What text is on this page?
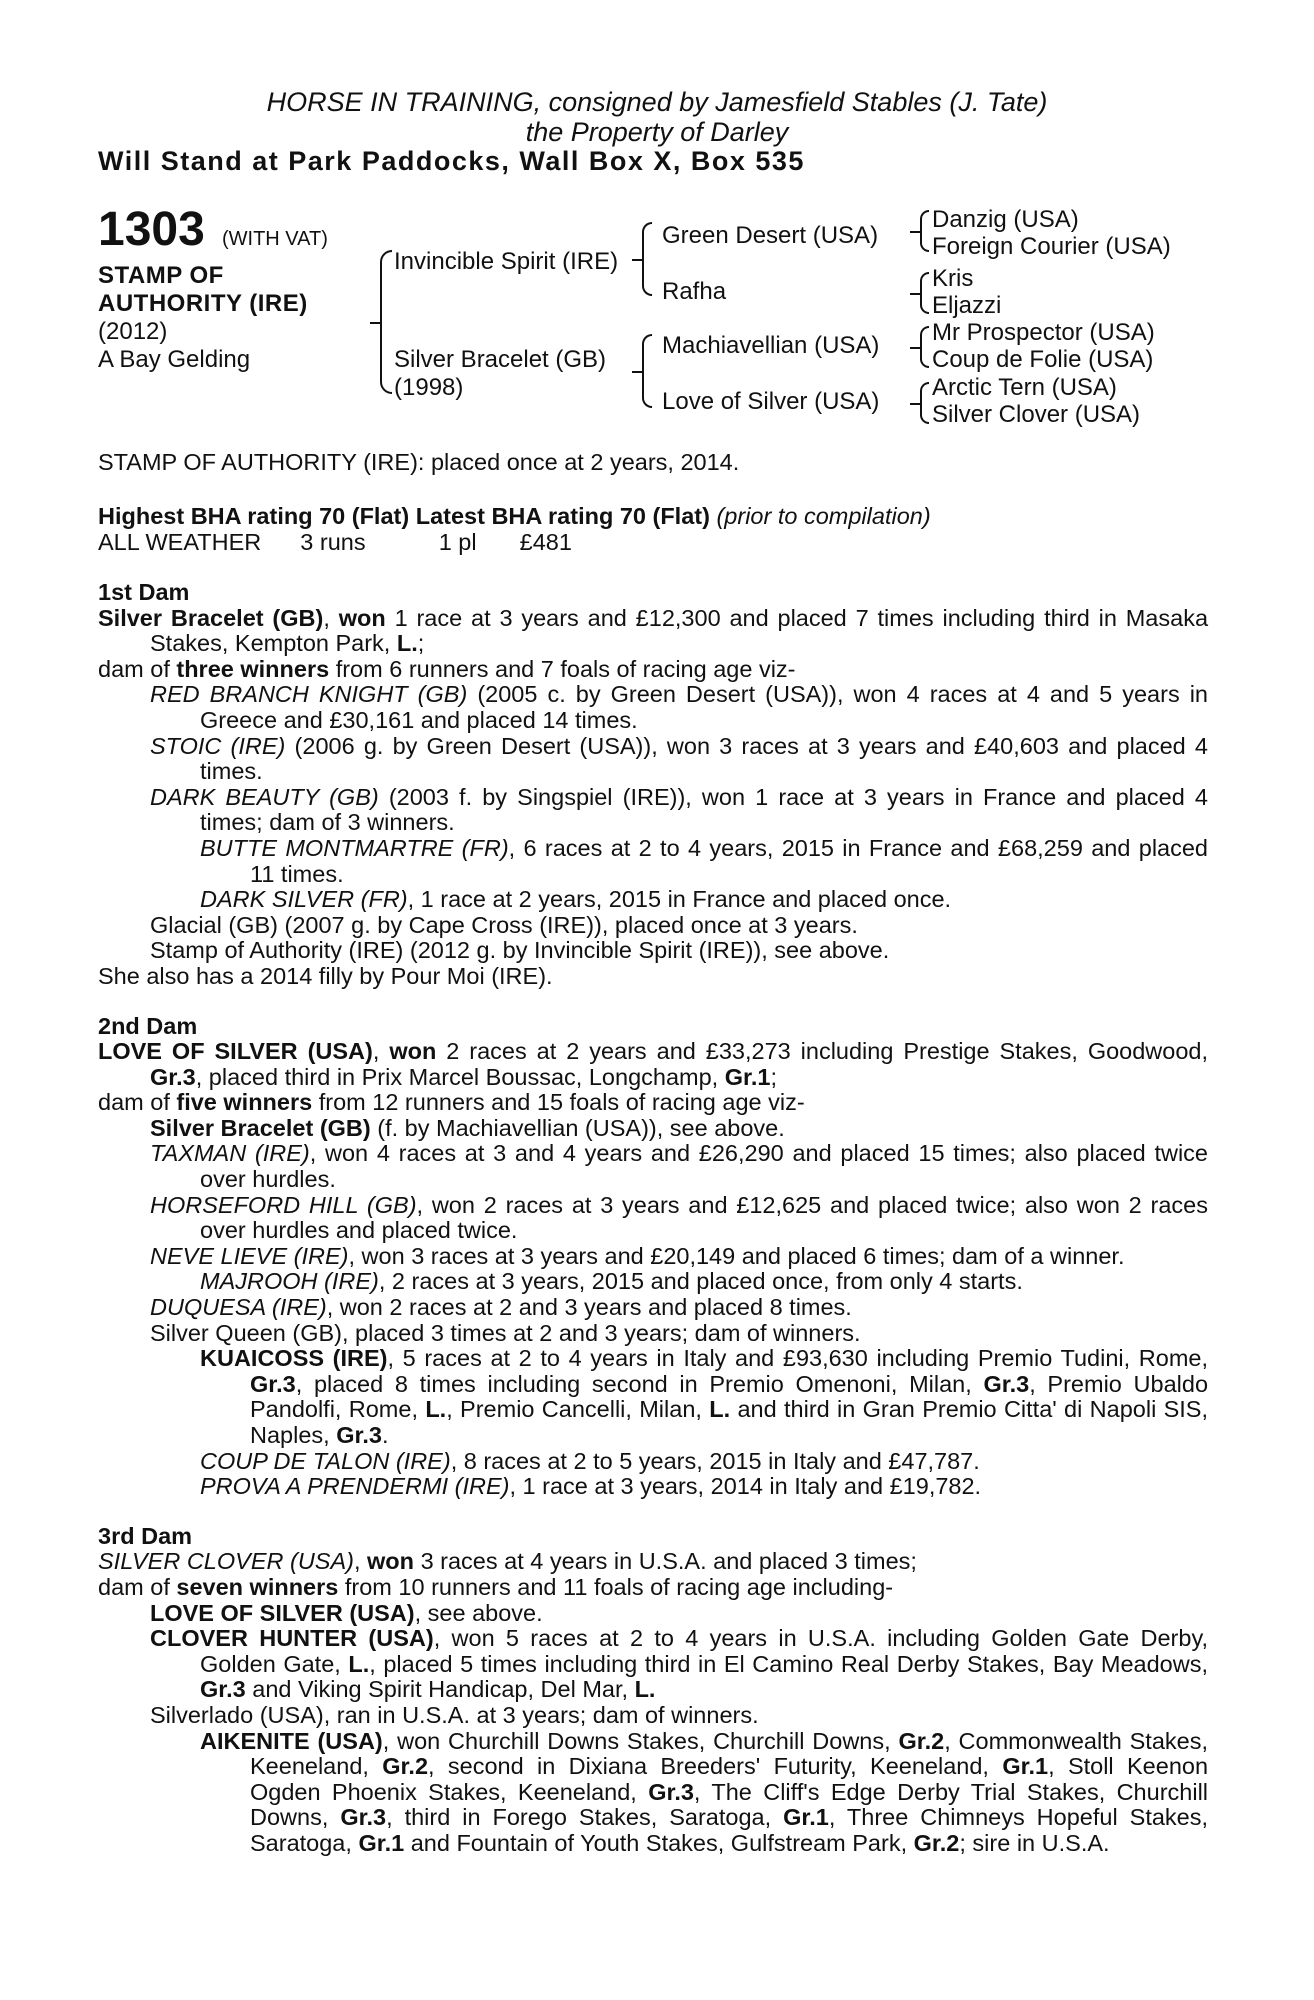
HORSE IN TRAINING, consigned by Jamesfield Stables (J. Tate)
the Property of Darley
Will Stand at Park Paddocks, Wall Box X, Box 535
1303 (WITH VAT)
STAMP OF
AUTHORITY (IRE)
(2012)
A Bay Gelding
Invincible Spirit (IRE)
Silver Bracelet (GB)
(1998)
Green Desert (USA)
Rafha
Machiavellian (USA)
Love of Silver (USA)
Danzig (USA)
Foreign Courier (USA)
Kris
Eljazzi
Mr Prospector (USA)
Coup de Folie (USA)
Arctic Tern (USA)
Silver Clover (USA)
STAMP OF AUTHORITY (IRE): placed once at 2 years, 2014.
Highest BHA rating 70 (Flat) Latest BHA rating 70 (Flat) (prior to compilation)
ALL WEATHER 3 runs	1 pl £481

1st Dam

Silver Bracelet (GB), won 1 race at 3 years and £12,300 and placed 7 times including third in Masaka Stakes, Kempton Park, L.;

dam of three winners from 6 runners and 7 foals of racing age viz-

RED BRANCH KNIGHT (GB) (2005 c. by Green Desert (USA)), won 4 races at 4 and 5 years in Greece and £30,161 and placed 14 times.

STOIC (IRE) (2006 g. by Green Desert (USA)), won 3 races at 3 years and £40,603 and placed 4 times.

DARK BEAUTY (GB) (2003 f. by Singspiel (IRE)), won 1 race at 3 years in France and placed 4 times; dam of 3 winners.

BUTTE MONTMARTRE (FR), 6 races at 2 to 4 years, 2015 in France and £68,259 and placed 11 times.

DARK SILVER (FR), 1 race at 2 years, 2015 in France and placed once.

Glacial (GB) (2007 g. by Cape Cross (IRE)), placed once at 3 years.

Stamp of Authority (IRE) (2012 g. by Invincible Spirit (IRE)), see above.

She also has a 2014 filly by Pour Moi (IRE).

2nd Dam

LOVE OF SILVER (USA), won 2 races at 2 years and £33,273 including Prestige Stakes, Goodwood, Gr.3, placed third in Prix Marcel Boussac, Longchamp, Gr.1;

dam of five winners from 12 runners and 15 foals of racing age viz-

Silver Bracelet (GB) (f. by Machiavellian (USA)), see above.

TAXMAN (IRE), won 4 races at 3 and 4 years and £26,290 and placed 15 times; also placed twice over hurdles.

HORSEFORD HILL (GB), won 2 races at 3 years and £12,625 and placed twice; also won 2 races over hurdles and placed twice.

NEVE LIEVE (IRE), won 3 races at 3 years and £20,149 and placed 6 times; dam of a winner.

MAJROOH (IRE), 2 races at 3 years, 2015 and placed once, from only 4 starts.

DUQUESA (IRE), won 2 races at 2 and 3 years and placed 8 times.

Silver Queen (GB), placed 3 times at 2 and 3 years; dam of winners.

KUAICOSS (IRE), 5 races at 2 to 4 years in Italy and £93,630 including Premio Tudini, Rome, Gr.3, placed 8 times including second in Premio Omenoni, Milan, Gr.3, Premio Ubaldo Pandolfi, Rome, L., Premio Cancelli, Milan, L. and third in Gran Premio Citta' di Napoli SIS, Naples, Gr.3.

COUP DE TALON (IRE), 8 races at 2 to 5 years, 2015 in Italy and £47,787.

PROVA A PRENDERMI (IRE), 1 race at 3 years, 2014 in Italy and £19,782.

3rd Dam

SILVER CLOVER (USA), won 3 races at 4 years in U.S.A. and placed 3 times;

dam of seven winners from 10 runners and 11 foals of racing age including-

LOVE OF SILVER (USA), see above.

CLOVER HUNTER (USA), won 5 races at 2 to 4 years in U.S.A. including Golden Gate Derby, Golden Gate, L., placed 5 times including third in El Camino Real Derby Stakes, Bay Meadows, Gr.3 and Viking Spirit Handicap, Del Mar, L.

Silverlado (USA), ran in U.S.A. at 3 years; dam of winners.

AIKENITE (USA), won Churchill Downs Stakes, Churchill Downs, Gr.2, Commonwealth Stakes, Keeneland, Gr.2, second in Dixiana Breeders' Futurity, Keeneland, Gr.1, Stoll Keenon Ogden Phoenix Stakes, Keeneland, Gr.3, The Cliff's Edge Derby Trial Stakes, Churchill Downs, Gr.3, third in Forego Stakes, Saratoga, Gr.1, Three Chimneys Hopeful Stakes, Saratoga, Gr.1 and Fountain of Youth Stakes, Gulfstream Park, Gr.2; sire in U.S.A.
